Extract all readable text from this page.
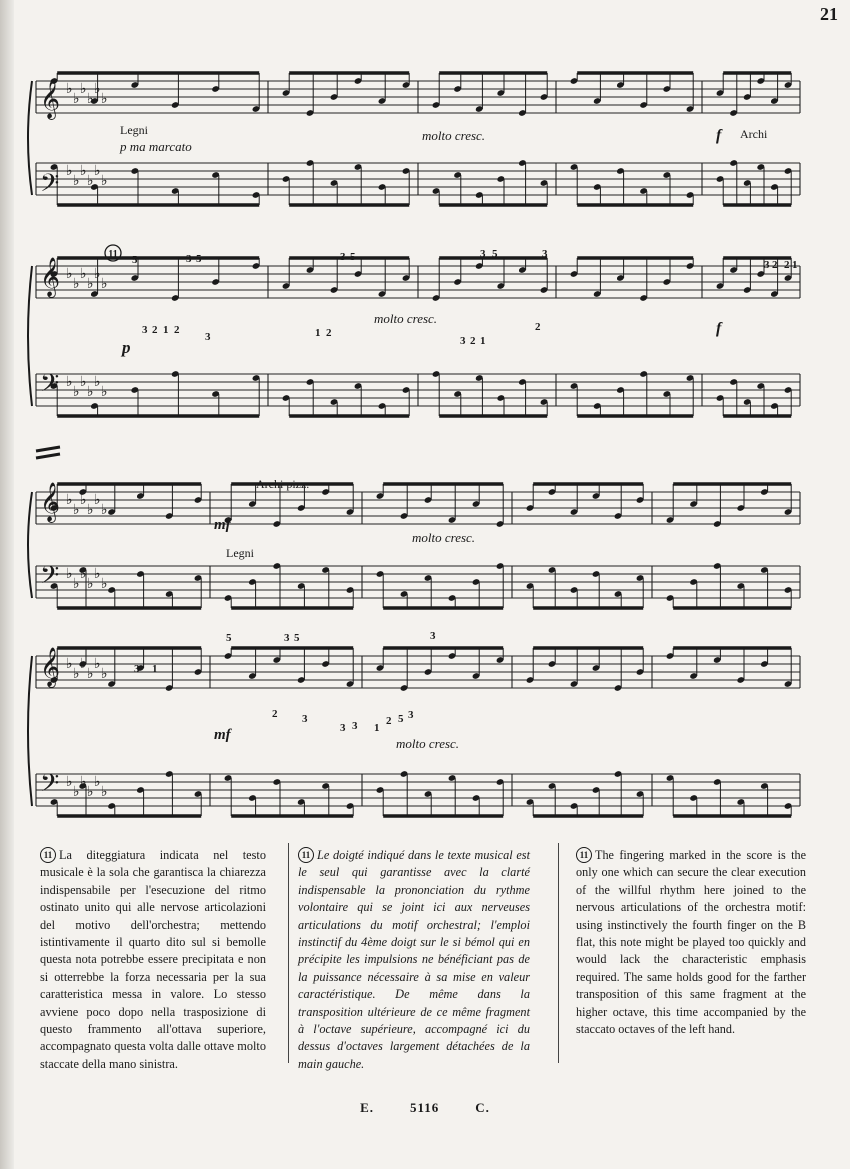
21
𝄞
𝄢
𝄞
𝄢
𝄞
𝄢
𝄞
𝄢
♭
♭
♭
♭
♭
♭
♭
♭
♭
♭
♭
♭
♭
♭
♭
♭
♭
♭
♭
♭
♭
♭
♭
♭
♭
♭
♭
♭
♭
♭
♭
♭
♭
♭
♭
♭
♭
♭
♭
♭
♭
♭
♭
♭
♭
♭
♭
♭
Legni
p ma marcato
molto cresc.	f Archi
11
p
molto cresc.
f
Archi pizz.
mf
Legni
molto cresc.
mf
molto cresc.
5	3 5
3 2 1 2
3
3 5
1 2
3 5	3
3 2 1
2
3 2 2 1
3 1
5	3 5
2 3
3	1
5
2 3
3
3

11 La diteggiatura indicata nel testo musicale è la sola che garantisca la chiarezza indispensabile per l'esecuzione del ritmo ostinato unito qui alle nervose articolazioni del motivo dell'orchestra; mettendo istintivamente il quarto dito sul si bemolle questa nota potrebbe essere precipitata e non si otterrebbe la forza necessaria per la sua caratteristica messa in valore. Lo stesso avviene poco dopo nella trasposizione di questo frammento all'ottava superiore, accompagnato questa volta dalle ottave molto staccate della mano sinistra.

11 Le doigté indiqué dans le texte musical est le seul qui garantisse avec la clarté indispensable la prononciation du rythme volontaire qui se joint ici aux nerveuses articulations du motif orchestral; l'emploi instinctif du 4ème doigt sur le si bémol qui en précipite les impulsions ne bénéficiant pas de la puissance nécessaire à sa mise en valeur caractéristique. De même dans la transposition ultérieure de ce même fragment à l'octave supérieure, accompagné ici du dessus d'octaves largement détachées de la main gauche.

11 The fingering marked in the score is the only one which can secure the clear execution of the willful rhythm here joined to the nervous articulations of the orchestra motif: using instinctively the fourth finger on the B flat, this note might be played too quickly and would lack the characteristic emphasis required. The same holds good for the farther transposition of this same fragment at the higher octave, this time accompanied by the staccato octaves of the left hand.

E.	5116	C.
